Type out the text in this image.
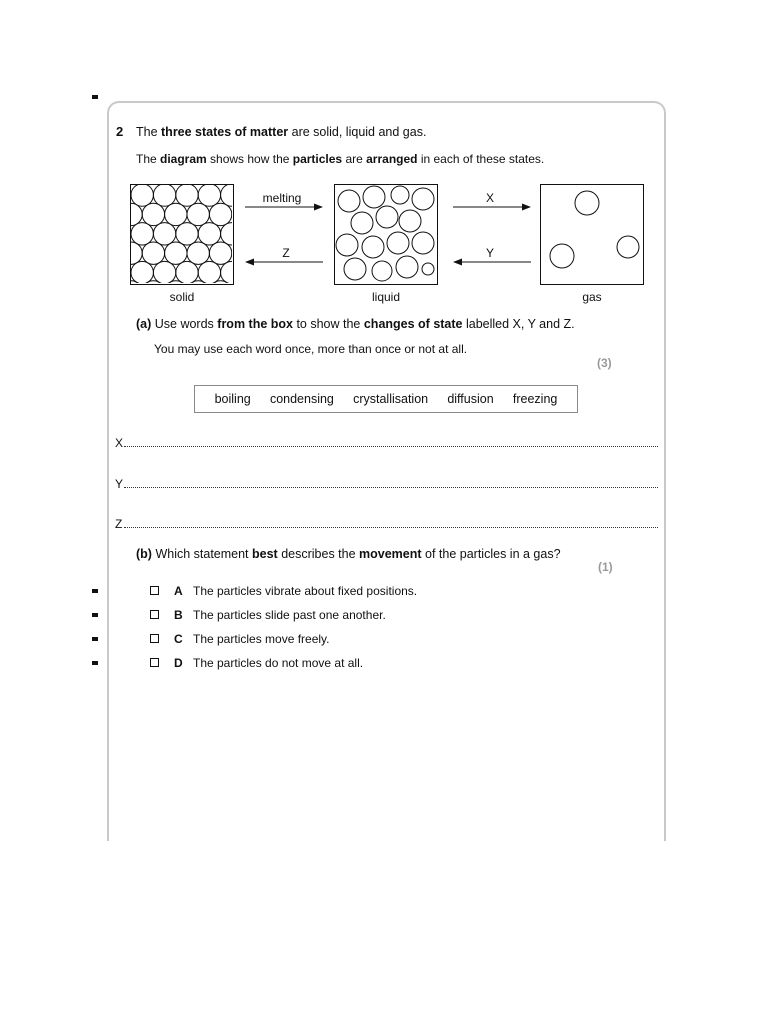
2 The three states of matter are solid, liquid and gas.
The diagram shows how the particles are arranged in each of these states.
solid	liquid	gas
melting	X
Z	Y
(a) Use words from the box to show the changes of state labelled X, Y and Z.
You may use each word once, more than once or not at all.
(3)
boiling condensing crystallisation diffusion freezing
X
Y
Z
(b) Which statement best describes the movement of the particles in a gas?
(1)
A The particles vibrate about fixed positions.
B The particles slide past one another.
C The particles move freely.
D The particles do not move at all.
